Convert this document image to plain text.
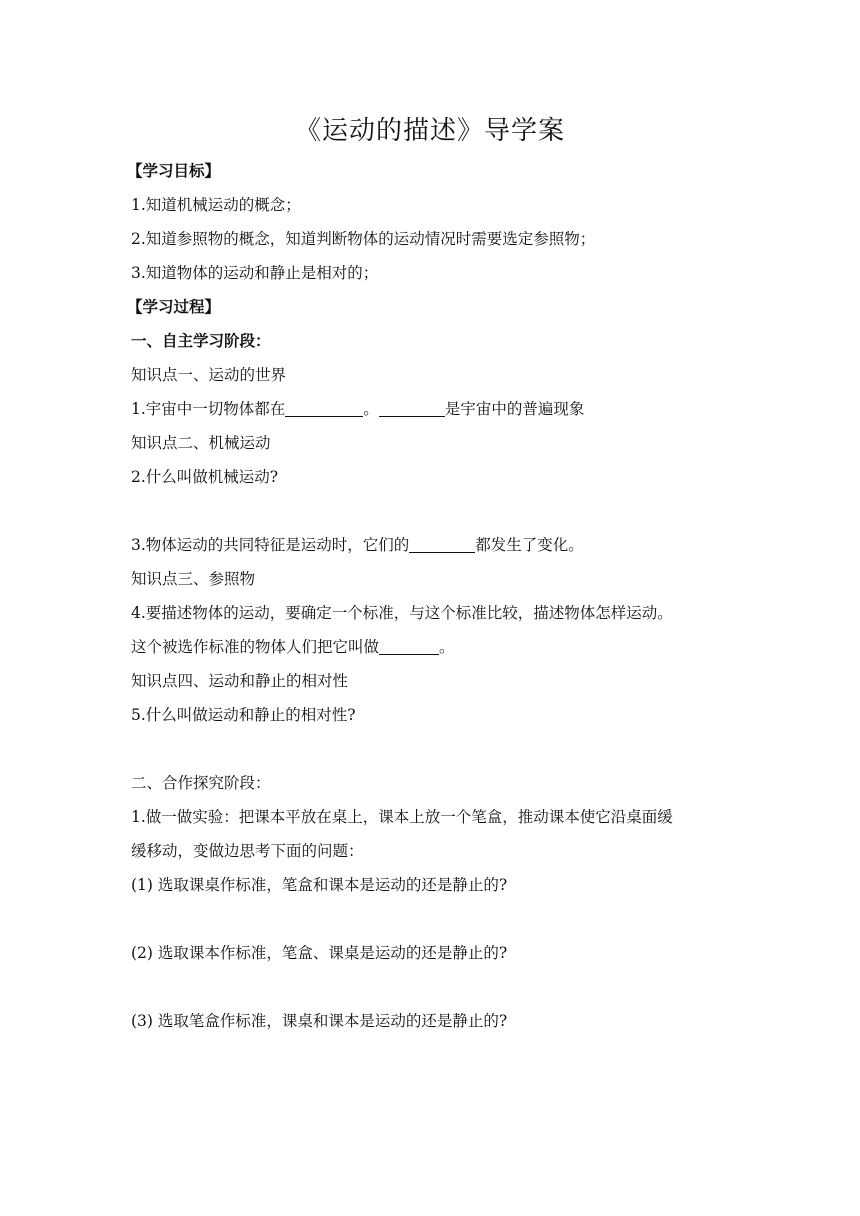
《运动的描述》导学案
【学习目标】
1.知道机械运动的概念；
2.知道参照物的概念，知道判断物体的运动情况时需要选定参照物；
3.知道物体的运动和静止是相对的；
【学习过程】
一、自主学习阶段：
知识点一、运动的世界
1.宇宙中一切物体都在	。	是宇宙中的普遍现象
知识点二、机械运动
2.什么叫做机械运动?
3.物体运动的共同特征是运动时，它们的	都发生了变化。
知识点三、参照物
4.要描述物体的运动，要确定一个标准，与这个标准比较，描述物体怎样运动。
这个被选作标准的物体人们把它叫做	。
知识点四、运动和静止的相对性
5.什么叫做运动和静止的相对性?
二、合作探究阶段：
1.做一做实验：把课本平放在桌上，课本上放一个笔盒，推动课本使它沿桌面缓
缓移动，变做边思考下面的问题：
(1) 选取课桌作标准，笔盒和课本是运动的还是静止的?
(2) 选取课本作标准，笔盒、课桌是运动的还是静止的?
(3) 选取笔盒作标准，课桌和课本是运动的还是静止的?
